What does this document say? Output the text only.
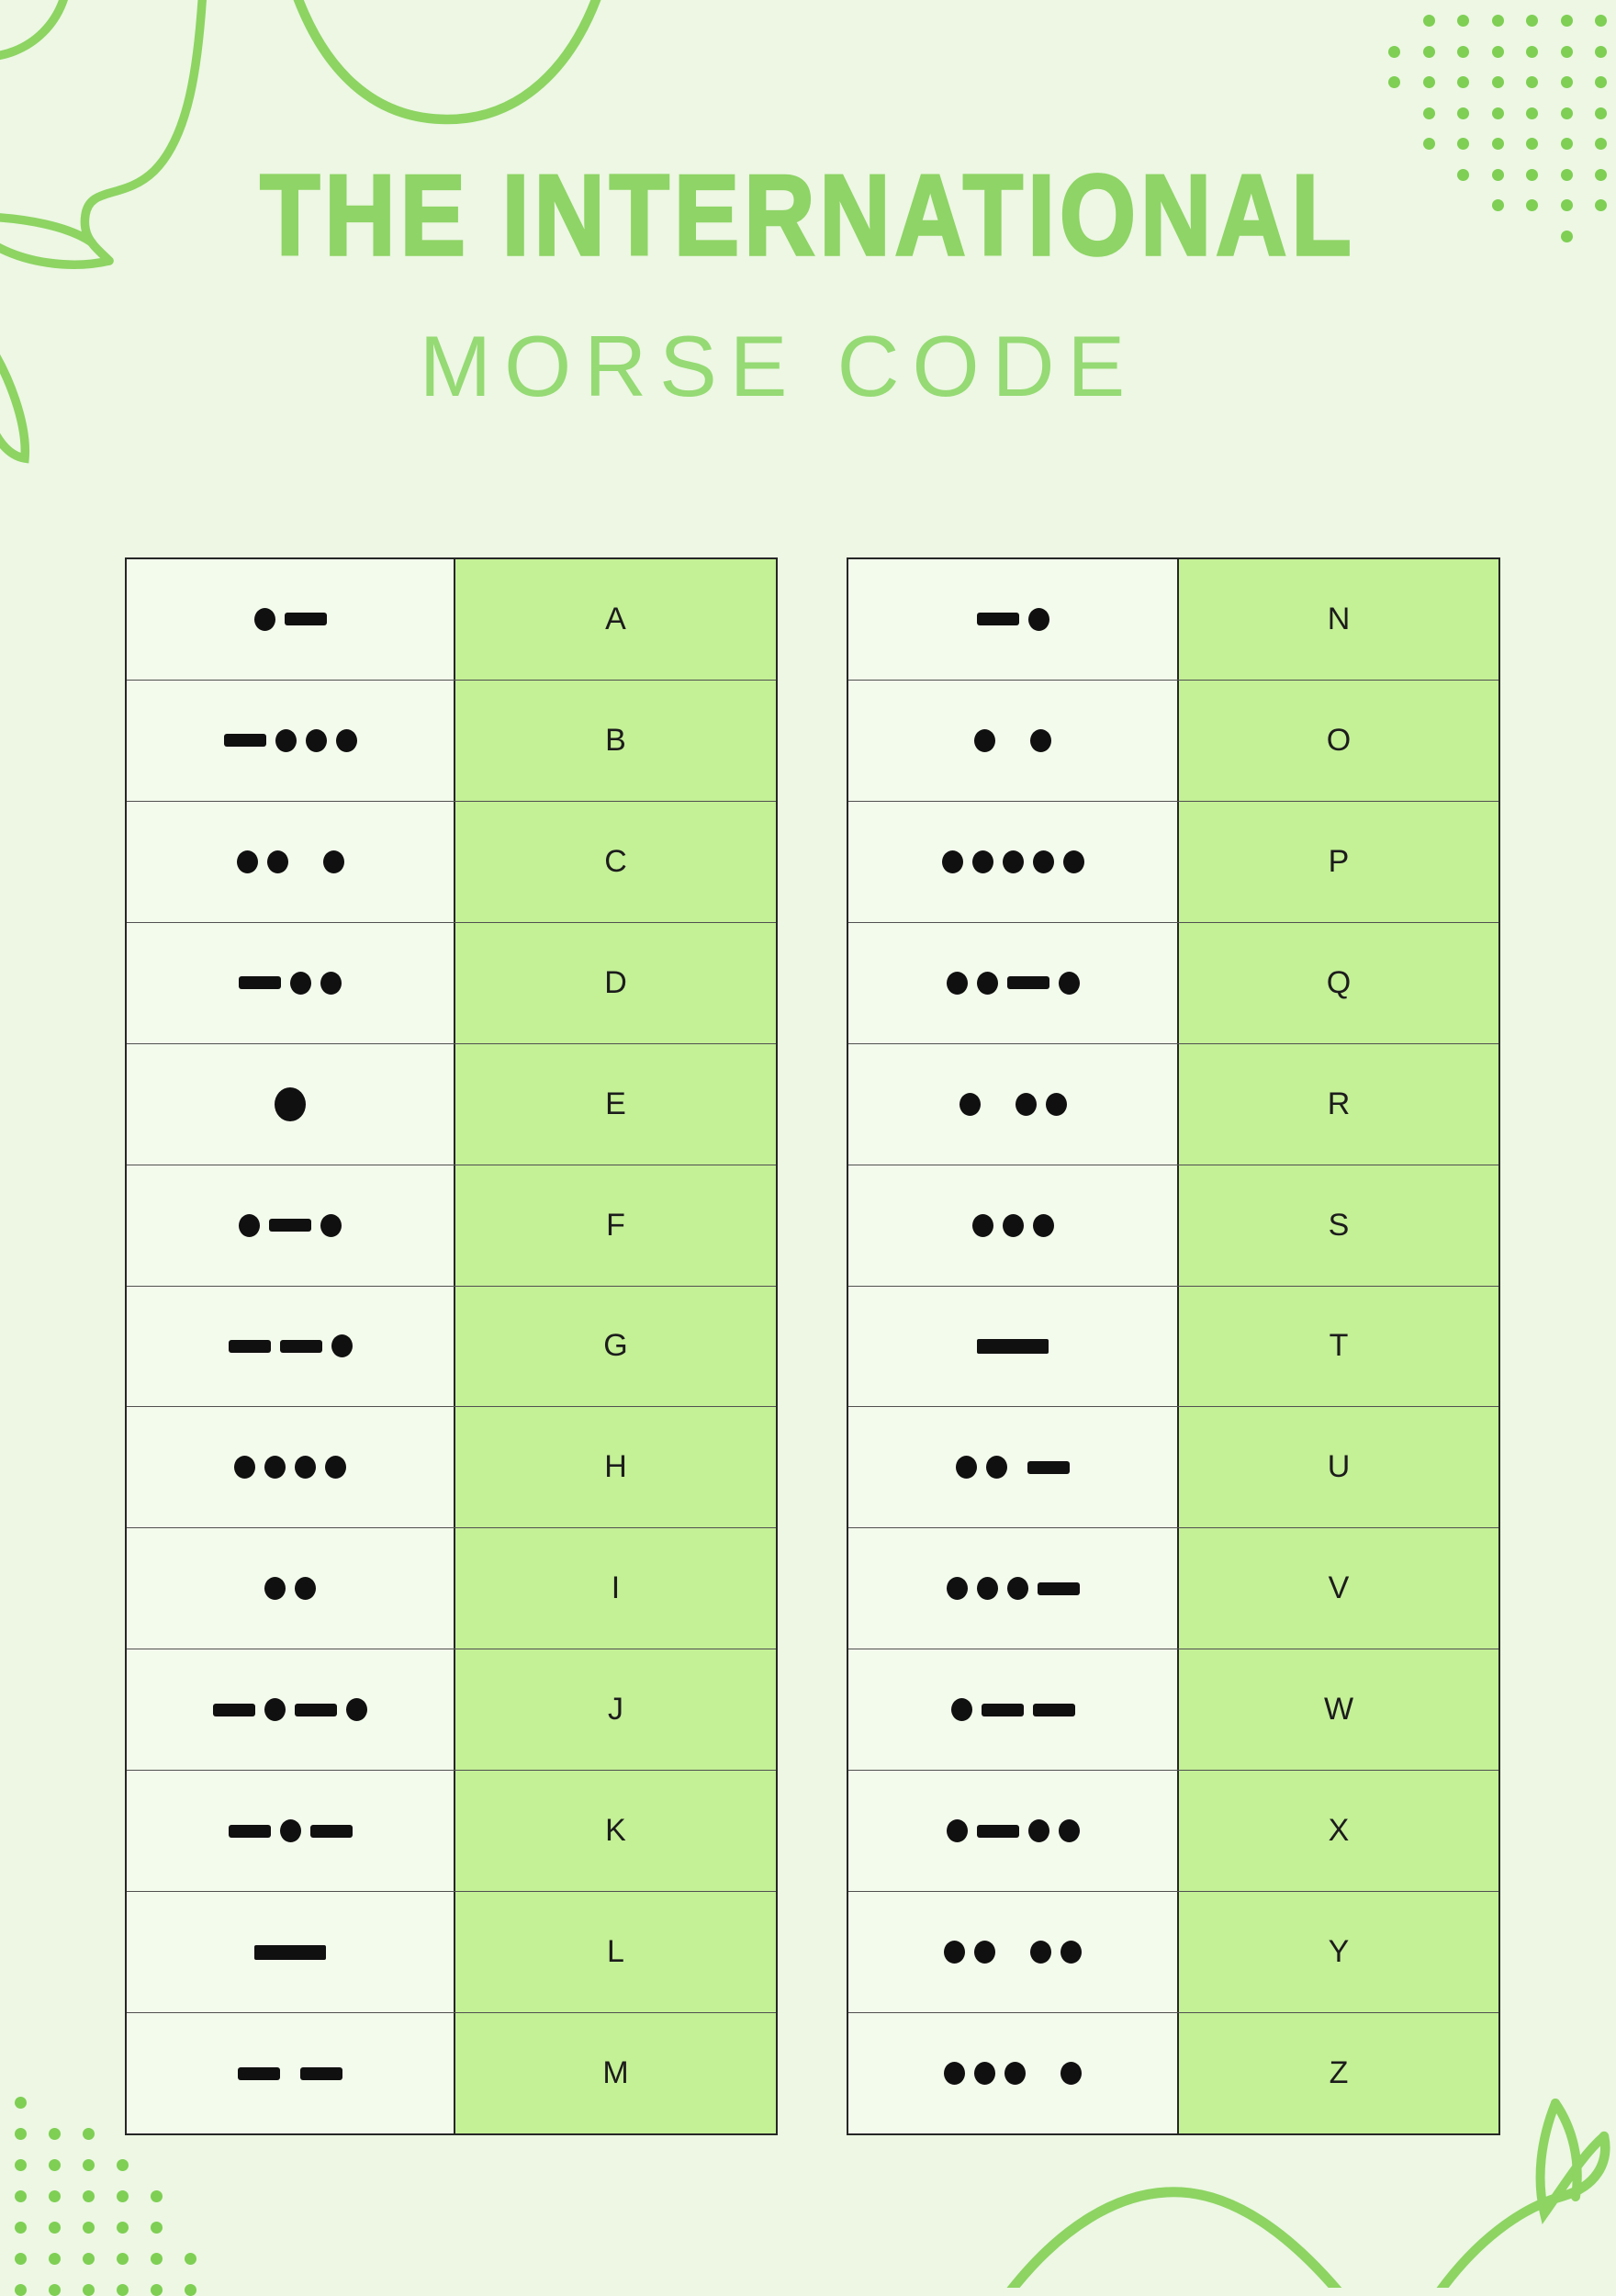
THE INTERNATIONAL
MORSE CODE
A
B
C
D
E
F
G
H
I
J
K
L
M
N
O
P
Q
R
S
T
U
V
W
X
Y
Z
